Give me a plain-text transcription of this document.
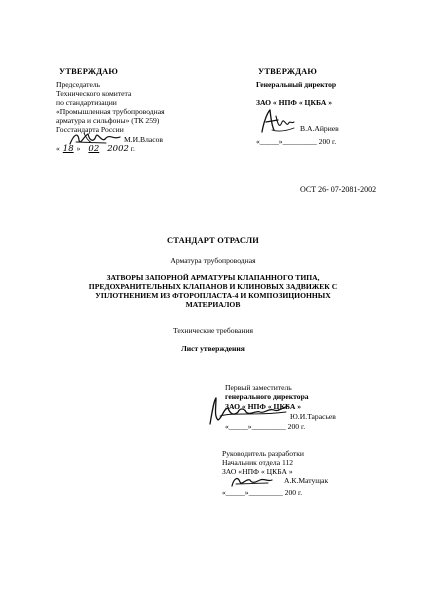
УТВЕРЖДАЮ
Председатель
Технического комитета
по стандартизации
«Промышленная трубопроводная
арматура и сильфоны» (ТК 259)
Госстандарта России
М.И.Власов
« 18 » 02 2002 г.
УТВЕРЖДАЮ
Генеральный директор
ЗАО « НПФ « ЦКБА »
В.А.Айриев
«_____»_________ 200 г.
ОСТ 26- 07-2081-2002
СТАНДАРТ ОТРАСЛИ
Арматура трубопроводная
ЗАТВОРЫ ЗАПОРНОЙ АРМАТУРЫ КЛАПАННОГО ТИПА,
ПРЕДОХРАНИТЕЛЬНЫХ КЛАПАНОВ И КЛИНОВЫХ ЗАДВИЖЕК С
УПЛОТНЕНИЕМ ИЗ ФТОРОПЛАСТА-4 И КОМПОЗИЦИОННЫХ
МАТЕРИАЛОВ
Технические требования
Лист утверждения
Первый заместитель
генерального директора
ЗАО « НПФ « ЦКБА »
Ю.И.Тарасьев
«_____»_________ 200 г.
Руководитель разработки
Начальник отдела 112
ЗАО «НПФ « ЦКБА »
А.К.Матущак
«_____»_________ 200 г.
